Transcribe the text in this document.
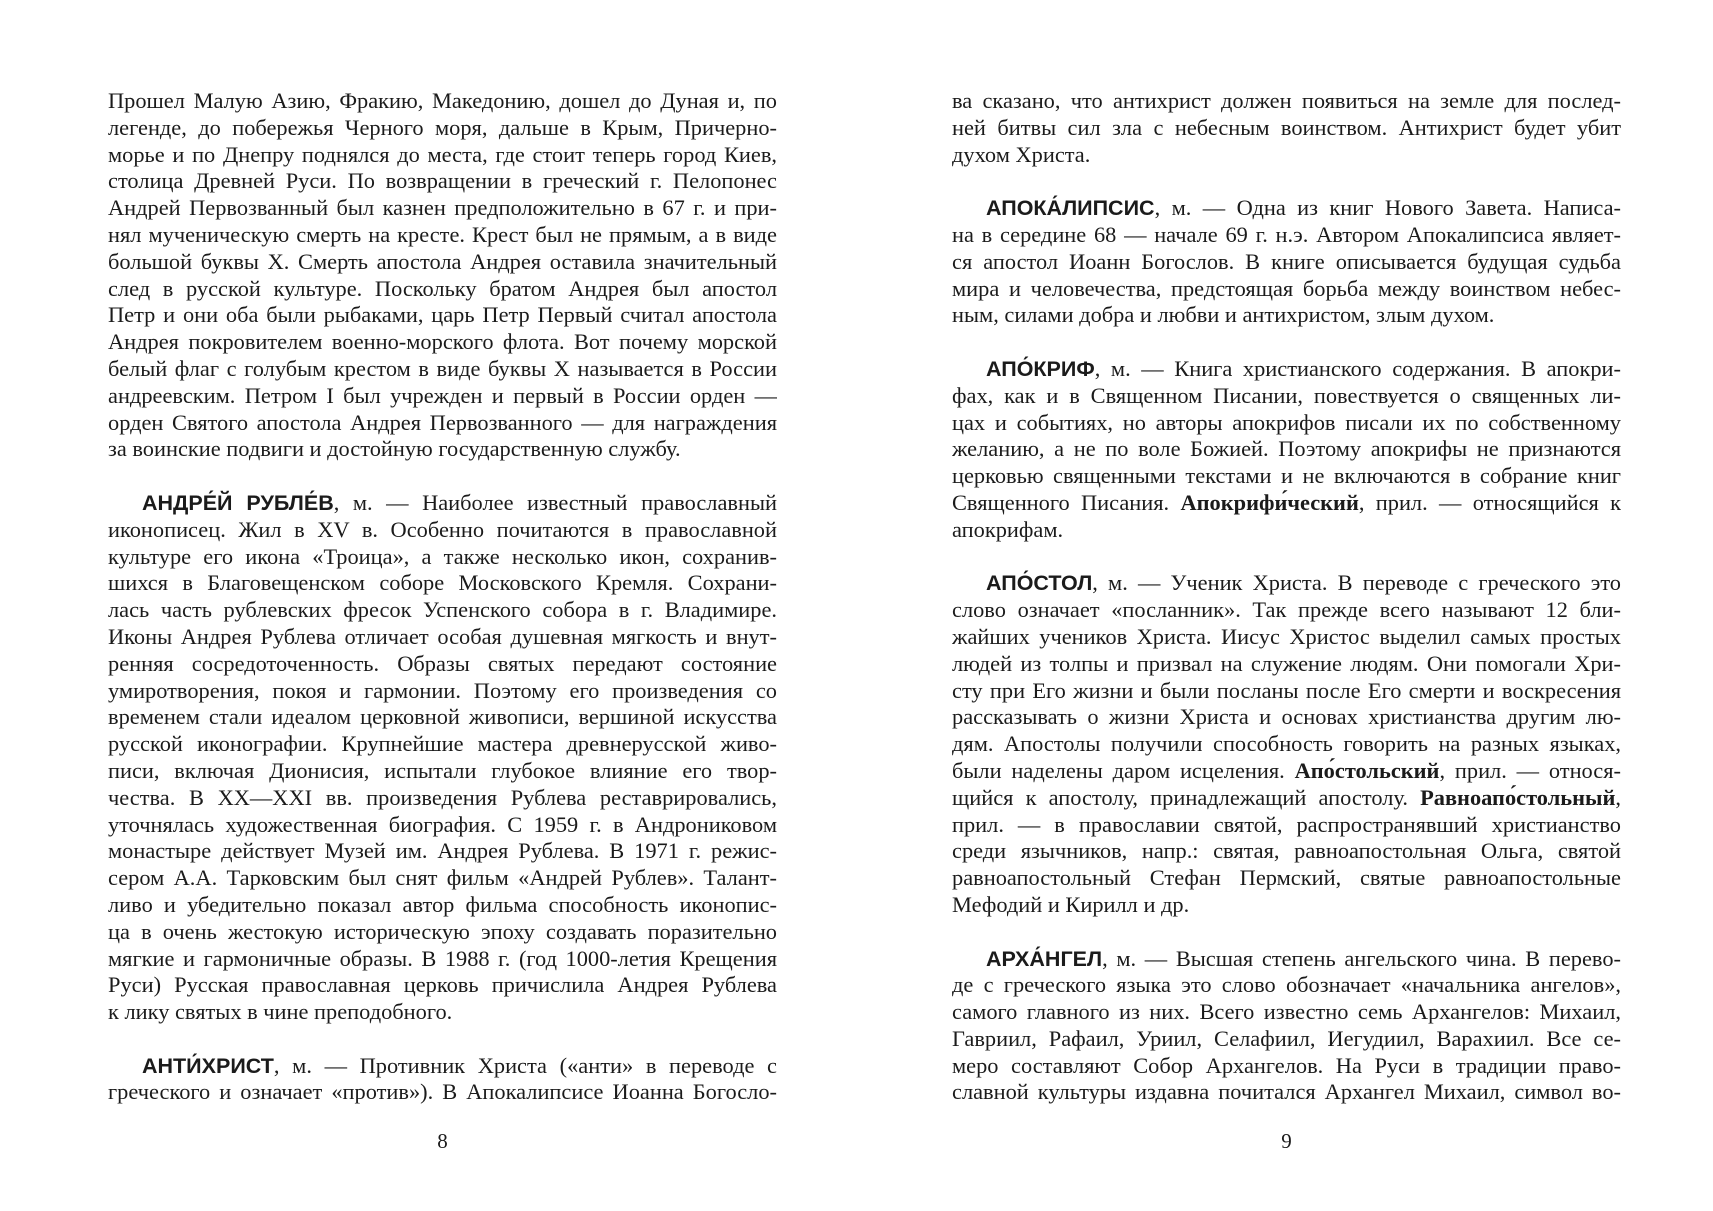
Прошел Малую Азию, Фракию, Македонию, дошел до Дуная и, по
легенде, до побережья Черного моря, дальше в Крым, Причерно-
морье и по Днепру поднялся до места, где стоит теперь город Киев,
столица Древней Руси. По возвращении в греческий г. Пелопонес
Андрей Первозванный был казнен предположительно в 67 г. и при-
нял мученическую смерть на кресте. Крест был не прямым, а в виде
большой буквы Х. Смерть апостола Андрея оставила значительный
след в русской культуре. Поскольку братом Андрея был апостол
Петр и они оба были рыбаками, царь Петр Первый считал апостола
Андрея покровителем военно-морского флота. Вот почему морской
белый флаг с голубым крестом в виде буквы Х называется в России
андреевским. Петром I был учрежден и первый в России орден —
орден Святого апостола Андрея Первозванного — для награждения
за воинские подвиги и достойную государственную службу.
АНДРЕ́Й РУБЛЕ́В, м. — Наиболее известный православный
иконописец. Жил в XV в. Особенно почитаются в православной
культуре его икона «Троица», а также несколько икон, сохранив-
шихся в Благовещенском соборе Московского Кремля. Сохрани-
лась часть рублевских фресок Успенского собора в г. Владимире.
Иконы Андрея Рублева отличает особая душевная мягкость и внут-
ренняя сосредоточенность. Образы святых передают состояние
умиротворения, покоя и гармонии. Поэтому его произведения со
временем стали идеалом церковной живописи, вершиной искусства
русской иконографии. Крупнейшие мастера древнерусской живо-
писи, включая Дионисия, испытали глубокое влияние его твор-
чества. В XX—XXI вв. произведения Рублева реставрировались,
уточнялась художественная биография. С 1959 г. в Андрониковом
монастыре действует Музей им. Андрея Рублева. В 1971 г. режис-
сером А.А. Тарковским был снят фильм «Андрей Рублев». Талант-
ливо и убедительно показал автор фильма способность иконопис-
ца в очень жестокую историческую эпоху создавать поразительно
мягкие и гармоничные образы. В 1988 г. (год 1000-летия Крещения
Руси) Русская православная церковь причислила Андрея Рублева
к лику святых в чине преподобного.
АНТИ́ХРИСТ, м. — Противник Христа («анти» в переводе с
греческого и означает «против»). В Апокалипсисе Иоанна Богосло-
8
ва сказано, что антихрист должен появиться на земле для послед-
ней битвы сил зла с небесным воинством. Антихрист будет убит
духом Христа.
АПОКА́ЛИПСИС, м. — Одна из книг Нового Завета. Написа-
на в середине 68 — начале 69 г. н.э. Автором Апокалипсиса являет-
ся апостол Иоанн Богослов. В книге описывается будущая судьба
мира и человечества, предстоящая борьба между воинством небес-
ным, силами добра и любви и антихристом, злым духом.
АПО́КРИФ, м. — Книга христианского содержания. В апокри-
фах, как и в Священном Писании, повествуется о священных ли-
цах и событиях, но авторы апокрифов писали их по собственному
желанию, а не по воле Божией. Поэтому апокрифы не признаются
церковью священными текстами и не включаются в собрание книг
Священного Писания. Апокрифи́ческий, прил. — относящийся к
апокрифам.
АПО́СТОЛ, м. — Ученик Христа. В переводе с греческого это
слово означает «посланник». Так прежде всего называют 12 бли-
жайших учеников Христа. Иисус Христос выделил самых простых
людей из толпы и призвал на служение людям. Они помогали Хри-
сту при Его жизни и были посланы после Его смерти и воскресения
рассказывать о жизни Христа и основах христианства другим лю-
дям. Апостолы получили способность говорить на разных языках,
были наделены даром исцеления. Апо́стольский, прил. — относя-
щийся к апостолу, принадлежащий апостолу. Равноапо́стольный,
прил. — в православии святой, распространявший христианство
среди язычников, напр.: святая, равноапостольная Ольга, святой
равноапостольный Стефан Пермский, святые равноапостольные
Мефодий и Кирилл и др.
АРХА́НГЕЛ, м. — Высшая степень ангельского чина. В перево-
де с греческого языка это слово обозначает «начальника ангелов»,
самого главного из них. Всего известно семь Архангелов: Михаил,
Гавриил, Рафаил, Уриил, Селафиил, Иегудиил, Варахиил. Все се-
меро составляют Собор Архангелов. На Руси в традиции право-
славной культуры издавна почитался Архангел Михаил, символ во-
9
